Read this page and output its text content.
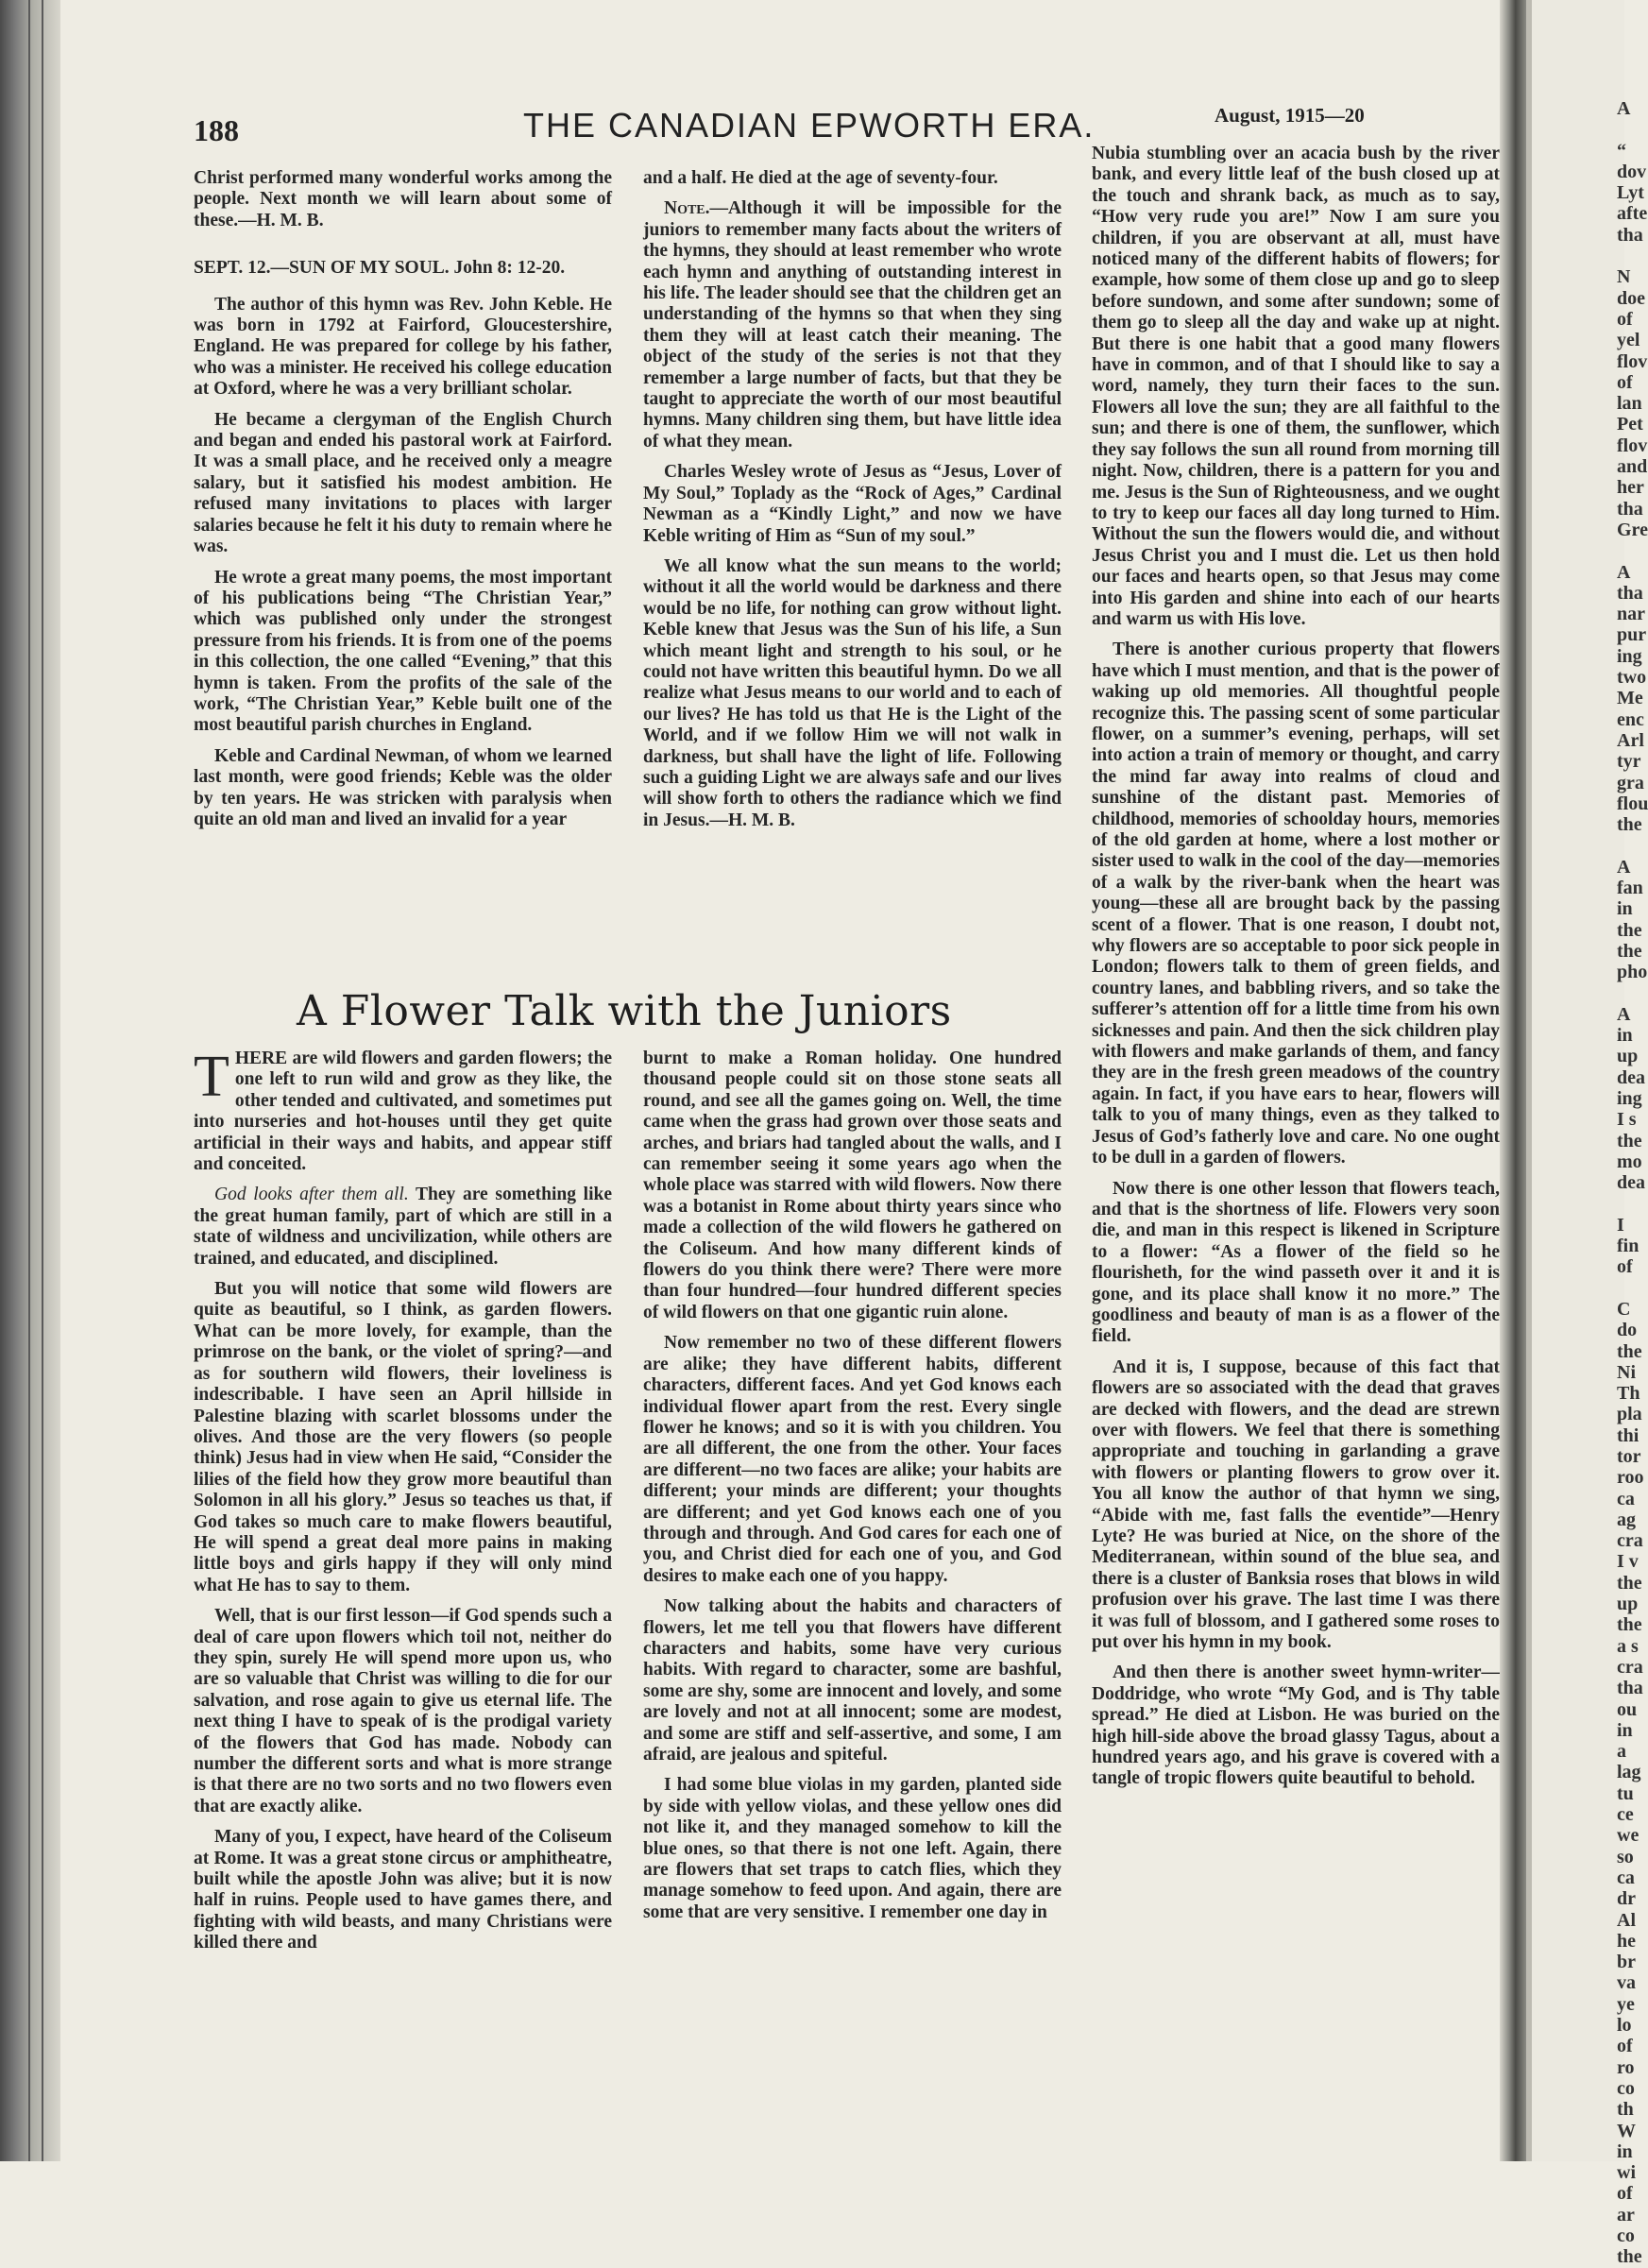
188	THE CANADIAN EPWORTH ERA.	August, 1915—20

Christ performed many wonderful works among the people. Next month we will learn about some of these.—H. M. B.

SEPT. 12.—SUN OF MY SOUL. John 8: 12-20.

The author of this hymn was Rev. John Keble. He was born in 1792 at Fairford, Gloucestershire, England. He was prepared for college by his father, who was a minister. He received his college education at Oxford, where he was a very brilliant scholar.

He became a clergyman of the English Church and began and ended his pastoral work at Fairford. It was a small place, and he received only a meagre salary, but it satisfied his modest ambition. He refused many invitations to places with larger salaries because he felt it his duty to remain where he was.

He wrote a great many poems, the most important of his publications being “The Christian Year,” which was published only under the strongest pressure from his friends. It is from one of the poems in this collection, the one called “Evening,” that this hymn is taken. From the profits of the sale of the work, “The Christian Year,” Keble built one of the most beautiful parish churches in England.

Keble and Cardinal Newman, of whom we learned last month, were good friends; Keble was the older by ten years. He was stricken with paralysis when quite an old man and lived an invalid for a year

and a half. He died at the age of seventy-four.

Note.—Although it will be impossible for the juniors to remember many facts about the writers of the hymns, they should at least remember who wrote each hymn and anything of outstanding interest in his life. The leader should see that the children get an understanding of the hymns so that when they sing them they will at least catch their meaning. The object of the study of the series is not that they remember a large number of facts, but that they be taught to appreciate the worth of our most beautiful hymns. Many children sing them, but have little idea of what they mean.

Charles Wesley wrote of Jesus as “Jesus, Lover of My Soul,” Toplady as the “Rock of Ages,” Cardinal Newman as a “Kindly Light,” and now we have Keble writing of Him as “Sun of my soul.”

We all know what the sun means to the world; without it all the world would be darkness and there would be no life, for nothing can grow without light. Keble knew that Jesus was the Sun of his life, a Sun which meant light and strength to his soul, or he could not have written this beautiful hymn. Do we all realize what Jesus means to our world and to each of our lives? He has told us that He is the Light of the World, and if we follow Him we will not walk in darkness, but shall have the light of life. Following such a guiding Light we are always safe and our lives will show forth to others the radiance which we find in Jesus.—H. M. B.

A Flower Talk with the Juniors

THERE are wild flowers and garden flowers; the one left to run wild and grow as they like, the other tended and cultivated, and sometimes put into nurseries and hot-houses until they get quite artificial in their ways and habits, and appear stiff and conceited.

God looks after them all. They are something like the great human family, part of which are still in a state of wildness and uncivilization, while others are trained, and educated, and disciplined.

But you will notice that some wild flowers are quite as beautiful, so I think, as garden flowers. What can be more lovely, for example, than the primrose on the bank, or the violet of spring?—and as for southern wild flowers, their loveliness is indescribable. I have seen an April hillside in Palestine blazing with scarlet blossoms under the olives. And those are the very flowers (so people think) Jesus had in view when He said, “Consider the lilies of the field how they grow more beautiful than Solomon in all his glory.” Jesus so teaches us that, if God takes so much care to make flowers beautiful, He will spend a great deal more pains in making little boys and girls happy if they will only mind what He has to say to them.

Well, that is our first lesson—if God spends such a deal of care upon flowers which toil not, neither do they spin, surely He will spend more upon us, who are so valuable that Christ was willing to die for our salvation, and rose again to give us eternal life. The next thing I have to speak of is the prodigal variety of the flowers that God has made. Nobody can number the different sorts and what is more strange is that there are no two sorts and no two flowers even that are exactly alike.

Many of you, I expect, have heard of the Coliseum at Rome. It was a great stone circus or amphitheatre, built while the apostle John was alive; but it is now half in ruins. People used to have games there, and fighting with wild beasts, and many Christians were killed there and

burnt to make a Roman holiday. One hundred thousand people could sit on those stone seats all round, and see all the games going on. Well, the time came when the grass had grown over those seats and arches, and briars had tangled about the walls, and I can remember seeing it some years ago when the whole place was starred with wild flowers. Now there was a botanist in Rome about thirty years since who made a collection of the wild flowers he gathered on the Coliseum. And how many different kinds of flowers do you think there were? There were more than four hundred—four hundred different species of wild flowers on that one gigantic ruin alone.

Now remember no two of these different flowers are alike; they have different habits, different characters, different faces. And yet God knows each individual flower apart from the rest. Every single flower he knows; and so it is with you children. You are all different, the one from the other. Your faces are different—no two faces are alike; your habits are different; your minds are different; your thoughts are different; and yet God knows each one of you through and through. And God cares for each one of you, and Christ died for each one of you, and God desires to make each one of you happy.

Now talking about the habits and characters of flowers, let me tell you that flowers have different characters and habits, some have very curious habits. With regard to character, some are bashful, some are shy, some are innocent and lovely, and some are lovely and not at all innocent; some are modest, and some are stiff and self-assertive, and some, I am afraid, are jealous and spiteful.

I had some blue violas in my garden, planted side by side with yellow violas, and these yellow ones did not like it, and they managed somehow to kill the blue ones, so that there is not one left. Again, there are flowers that set traps to catch flies, which they manage somehow to feed upon. And again, there are some that are very sensitive. I remember one day in

Nubia stumbling over an acacia bush by the river bank, and every little leaf of the bush closed up at the touch and shrank back, as much as to say, “How very rude you are!” Now I am sure you children, if you are observant at all, must have noticed many of the different habits of flowers; for example, how some of them close up and go to sleep before sundown, and some after sundown; some of them go to sleep all the day and wake up at night. But there is one habit that a good many flowers have in common, and of that I should like to say a word, namely, they turn their faces to the sun. Flowers all love the sun; they are all faithful to the sun; and there is one of them, the sunflower, which they say follows the sun all round from morning till night. Now, children, there is a pattern for you and me. Jesus is the Sun of Righteousness, and we ought to try to keep our faces all day long turned to Him. Without the sun the flowers would die, and without Jesus Christ you and I must die. Let us then hold our faces and hearts open, so that Jesus may come into His garden and shine into each of our hearts and warm us with His love.

There is another curious property that flowers have which I must mention, and that is the power of waking up old memories. All thoughtful people recognize this. The passing scent of some particular flower, on a summer’s evening, perhaps, will set into action a train of memory or thought, and carry the mind far away into realms of cloud and sunshine of the distant past. Memories of childhood, memories of schoolday hours, memories of the old garden at home, where a lost mother or sister used to walk in the cool of the day—memories of a walk by the river-bank when the heart was young—these all are brought back by the passing scent of a flower. That is one reason, I doubt not, why flowers are so acceptable to poor sick people in London; flowers talk to them of green fields, and country lanes, and babbling rivers, and so take the sufferer’s attention off for a little time from his own sicknesses and pain. And then the sick children play with flowers and make garlands of them, and fancy they are in the fresh green meadows of the country again. In fact, if you have ears to hear, flowers will talk to you of many things, even as they talked to Jesus of God’s fatherly love and care. No one ought to be dull in a garden of flowers.

Now there is one other lesson that flowers teach, and that is the shortness of life. Flowers very soon die, and man in this respect is likened in Scripture to a flower: “As a flower of the field so he flourisheth, for the wind passeth over it and it is gone, and its place shall know it no more.” The goodliness and beauty of man is as a flower of the field.

And it is, I suppose, because of this fact that flowers are so associated with the dead that graves are decked with flowers, and the dead are strewn over with flowers. We feel that there is something appropriate and touching in garlanding a grave with flowers or planting flowers to grow over it. You all know the author of that hymn we sing, “Abide with me, fast falls the eventide”—Henry Lyte? He was buried at Nice, on the shore of the Mediterranean, within sound of the blue sea, and there is a cluster of Banksia roses that blows in wild profusion over his grave. The last time I was there it was full of blossom, and I gathered some roses to put over his hymn in my book.

And then there is another sweet hymn-writer—Doddridge, who wrote “My God, and is Thy table spread.” He died at Lisbon. He was buried on the high hill-side above the broad glassy Tagus, about a hundred years ago, and his grave is covered with a tangle of tropic flowers quite beautiful to behold.

A

“
dov
Lyt
afte
tha

N
doe
of
yel
flov
of
lan
Pet
flov
and
her
tha
Gre

A
tha
nar
pur
ing
two
Me
enc
Arl
tyr
gra
flou
the

A
fan
in
the
the
pho

A
in
up
dea
ing
I s
the
mo
dea

I
fin
of

C
do
the
Ni
Th
pla
thi
tor
roo
ca
ag
cra
I v
the
up
the
a s
cra
tha
ou
in
a
lag
tu
ce
we
so
ca
dr
Al
he
br
va
ye
lo
of
ro
co
th
W
in
wi
of
ar
co
the
